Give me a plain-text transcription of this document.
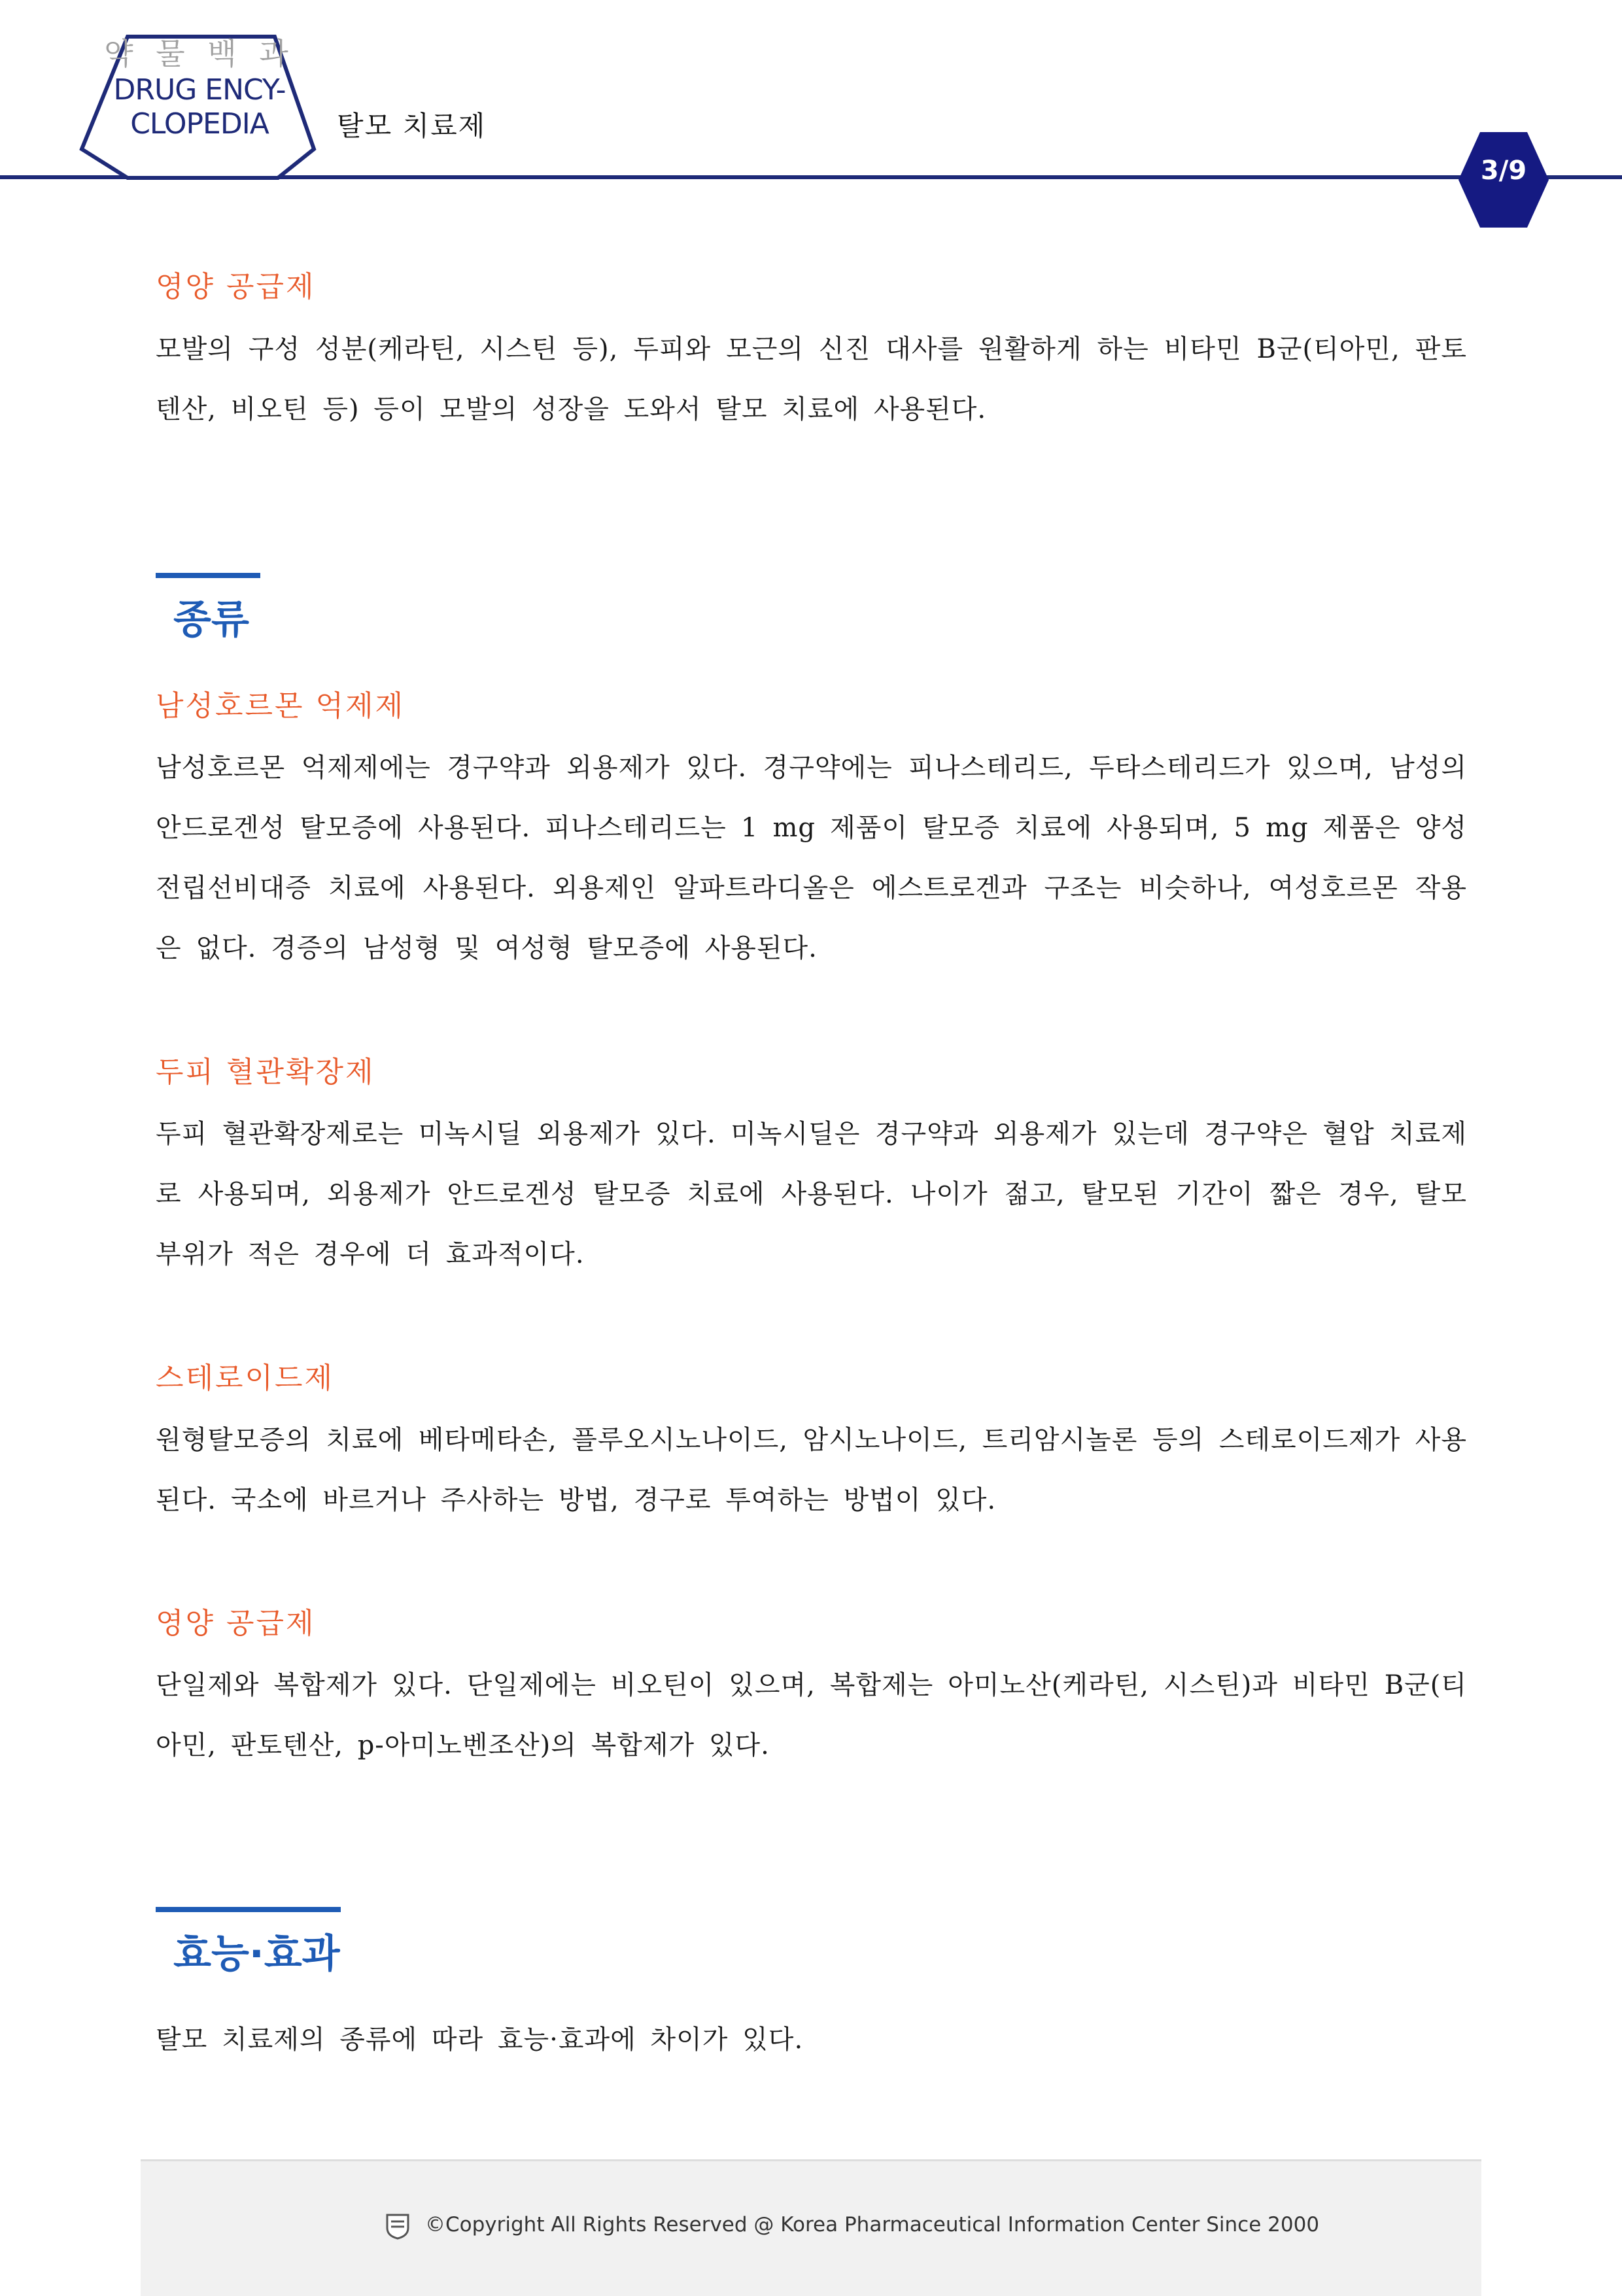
약 물 백 과
DRUG ENCY-
CLOPEDIA	탈모 치료제
3/9
영양 공급제
모발의 구성 성분(케라틴, 시스틴 등), 두피와 모근의 신진 대사를 원활하게 하는 비타민 B군(티아민, 판토텐산, 비오틴 등) 등이 모발의 성장을 도와서 탈모 치료에 사용된다.
종류
남성호르몬 억제제
남성호르몬 억제제에는 경구약과 외용제가 있다. 경구약에는 피나스테리드, 두타스테리드가 있으며, 남성의 안드로겐성 탈모증에 사용된다. 피나스테리드는 1 mg 제품이 탈모증 치료에 사용되며, 5 mg 제품은 양성전립선비대증 치료에 사용된다. 외용제인 알파트라디올은 에스트로겐과 구조는 비슷하나, 여성호르몬 작용은 없다. 경증의 남성형 및 여성형 탈모증에 사용된다.
두피 혈관확장제
두피 혈관확장제로는 미녹시딜 외용제가 있다. 미녹시딜은 경구약과 외용제가 있는데 경구약은 혈압 치료제로 사용되며, 외용제가 안드로겐성 탈모증 치료에 사용된다. 나이가 젊고, 탈모된 기간이 짧은 경우, 탈모 부위가 적은 경우에 더 효과적이다.
스테로이드제
원형탈모증의 치료에 베타메타손, 플루오시노나이드, 암시노나이드, 트리암시놀론 등의 스테로이드제가 사용된다. 국소에 바르거나 주사하는 방법, 경구로 투여하는 방법이 있다.
영양 공급제
단일제와 복합제가 있다. 단일제에는 비오틴이 있으며, 복합제는 아미노산(케라틴, 시스틴)과 비타민 B군(티아민, 판토텐산, p-아미노벤조산)의 복합제가 있다.
효능·효과
탈모 치료제의 종류에 따라 효능·효과에 차이가 있다.
©Copyright All Rights Reserved @ Korea Pharmaceutical Information Center Since 2000
